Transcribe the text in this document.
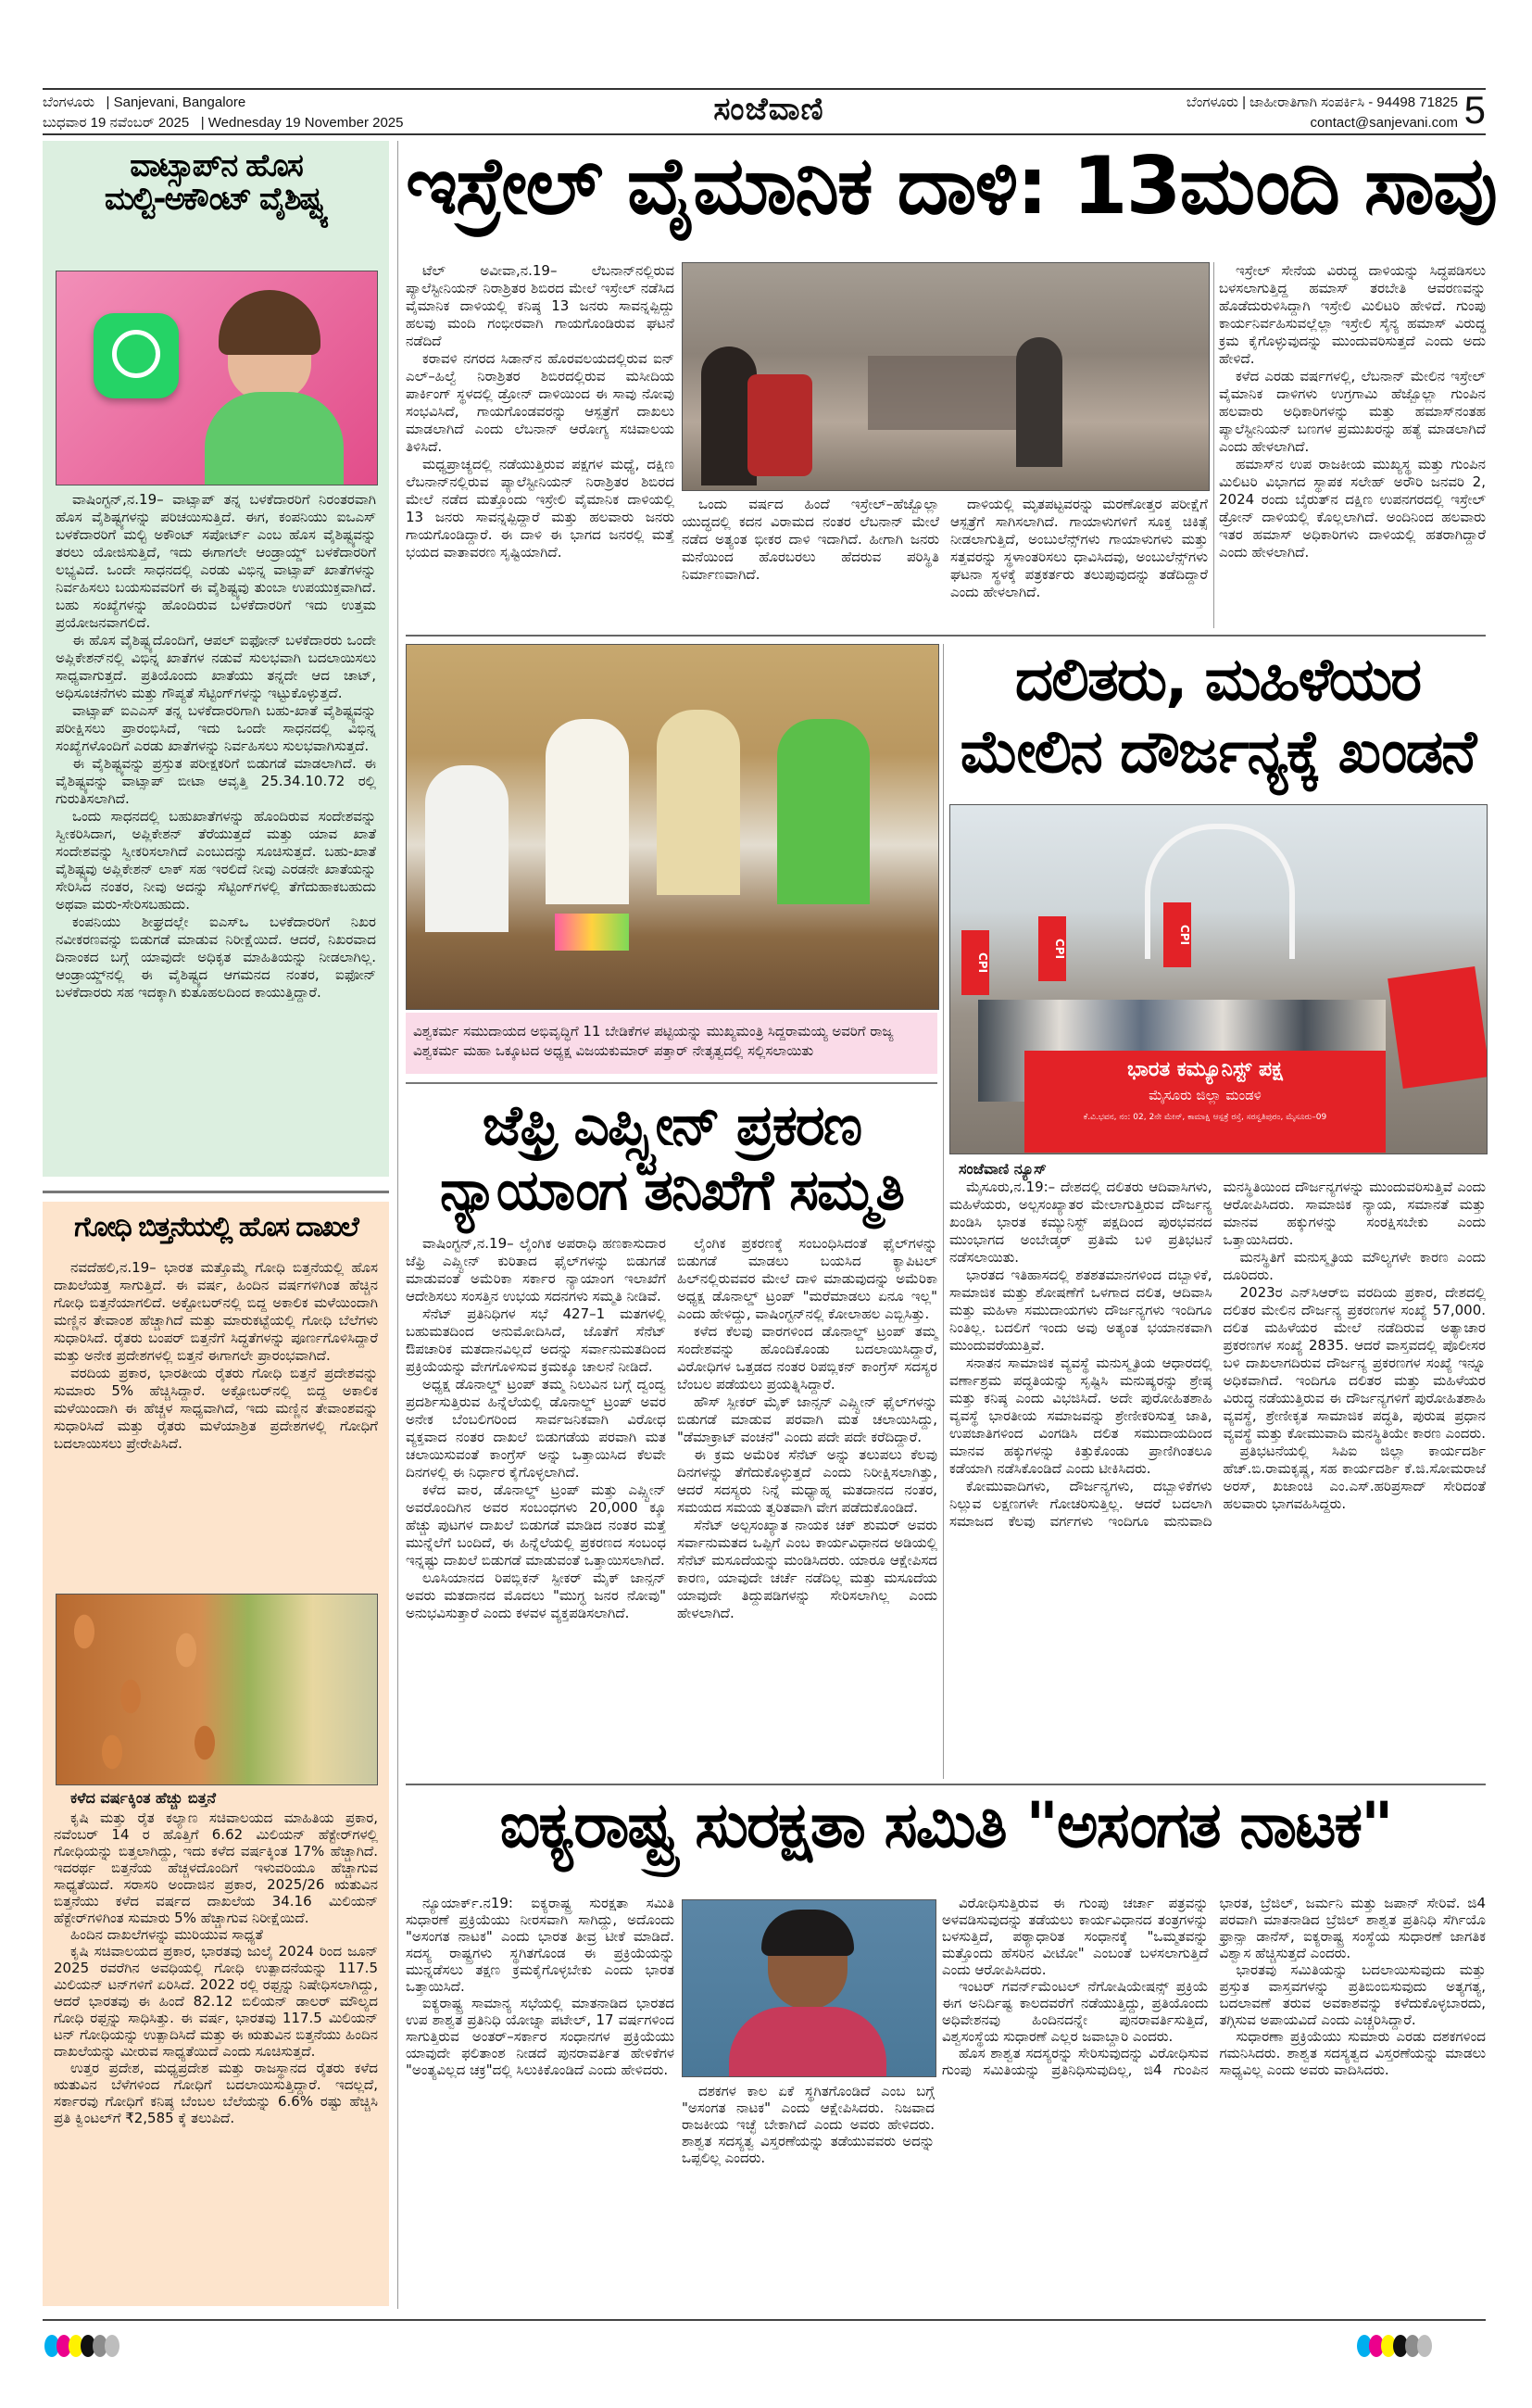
ಬೆಂಗಳೂರು | Sanjevani, Bangalore
ಬುಧವಾರ 19 ನವೆಂಬರ್ 2025 | Wednesday 19 November 2025	ಸಂಜೆವಾಣಿ	ಬೆಂಗಳೂರು | ಜಾಹೀರಾತಿಗಾಗಿ ಸಂಪರ್ಕಿಸಿ - 94498 71825
contact@sanjevani.com 5
ವಾಟ್ಸಾಪ್‌ನ ಹೊಸ
ಮಲ್ಟಿ-ಅಕೌಂಟ್ ವೈಶಿಷ್ಟ್ಯ

ವಾಷಿಂಗ್ಟನ್,ನ.19– ವಾಟ್ಸಾಪ್ ತನ್ನ ಬಳಕೆದಾರರಿಗೆ ನಿರಂತರವಾಗಿ ಹೊಸ ವೈಶಿಷ್ಟ್ಯಗಳನ್ನು ಪರಿಚಯಿಸುತ್ತಿದೆ. ಈಗ, ಕಂಪನಿಯು ಐಒಎಸ್ ಬಳಕೆದಾರರಿಗೆ ಮಲ್ಟಿ ಅಕೌಂಟ್ ಸಪೋರ್ಟ್ ಎಂಬ ಹೊಸ ವೈಶಿಷ್ಟ್ಯವನ್ನು ತರಲು ಯೋಜಿಸುತ್ತಿದೆ, ಇದು ಈಗಾಗಲೇ ಆಂಡ್ರಾಯ್ಡ್ ಬಳಕೆದಾರರಿಗೆ ಲಭ್ಯವಿದೆ. ಒಂದೇ ಸಾಧನದಲ್ಲಿ ಎರಡು ವಿಭಿನ್ನ ವಾಟ್ಸಾಪ್ ಖಾತೆಗಳನ್ನು ನಿರ್ವಹಿಸಲು ಬಯಸುವವರಿಗೆ ಈ ವೈಶಿಷ್ಟ್ಯವು ತುಂಬಾ ಉಪಯುಕ್ತವಾಗಿದೆ. ಬಹು ಸಂಖ್ಯೆಗಳನ್ನು ಹೊಂದಿರುವ ಬಳಕೆದಾರರಿಗೆ ಇದು ಉತ್ತಮ ಪ್ರಯೋಜನವಾಗಲಿದೆ.

ಈ ಹೊಸ ವೈಶಿಷ್ಟ್ಯದೊಂದಿಗೆ, ಆಪಲ್ ಐಫೋನ್ ಬಳಕೆದಾರರು ಒಂದೇ ಅಪ್ಲಿಕೇಶನ್‌ನಲ್ಲಿ ವಿಭಿನ್ನ ಖಾತೆಗಳ ನಡುವೆ ಸುಲಭವಾಗಿ ಬದಲಾಯಿಸಲು ಸಾಧ್ಯವಾಗುತ್ತದೆ. ಪ್ರತಿಯೊಂದು ಖಾತೆಯು ತನ್ನದೇ ಆದ ಚಾಟ್, ಅಧಿಸೂಚನೆಗಳು ಮತ್ತು ಗೌಪ್ಯತೆ ಸೆಟ್ಟಿಂಗ್‌ಗಳನ್ನು ಇಟ್ಟುಕೊಳ್ಳುತ್ತದೆ.

ವಾಟ್ಸಾಪ್ ಐಎಎಸ್ ತನ್ನ ಬಳಕೆದಾರರಿಗಾಗಿ ಬಹು-ಖಾತೆ ವೈಶಿಷ್ಟ್ಯವನ್ನು ಪರೀಕ್ಷಿಸಲು ಪ್ರಾರಂಭಿಸಿದೆ, ಇದು ಒಂದೇ ಸಾಧನದಲ್ಲಿ ವಿಭಿನ್ನ ಸಂಖ್ಯೆಗಳೊಂದಿಗೆ ಎರಡು ಖಾತೆಗಳನ್ನು ನಿರ್ವಹಿಸಲು ಸುಲಭವಾಗಿಸುತ್ತದೆ.

ಈ ವೈಶಿಷ್ಟ್ಯವನ್ನು ಪ್ರಸ್ತುತ ಪರೀಕ್ಷಕರಿಗೆ ಬಿಡುಗಡೆ ಮಾಡಲಾಗಿದೆ. ಈ ವೈಶಿಷ್ಟ್ಯವನ್ನು ವಾಟ್ಸಾಪ್ ಬೀಟಾ ಆವೃತ್ತಿ 25.34.10.72 ರಲ್ಲಿ ಗುರುತಿಸಲಾಗಿದೆ.

ಒಂದು ಸಾಧನದಲ್ಲಿ ಬಹುಖಾತೆಗಳನ್ನು ಹೊಂದಿರುವ ಸಂದೇಶವನ್ನು ಸ್ವೀಕರಿಸಿದಾಗ, ಅಪ್ಲಿಕೇಶನ್ ತೆರೆಯುತ್ತದೆ ಮತ್ತು ಯಾವ ಖಾತೆ ಸಂದೇಶವನ್ನು ಸ್ವೀಕರಿಸಲಾಗಿದೆ ಎಂಬುದನ್ನು ಸೂಚಿಸುತ್ತದೆ. ಬಹು-ಖಾತೆ ವೈಶಿಷ್ಟ್ಯವು ಅಪ್ಲಿಕೇಶನ್ ಲಾಕ್ ಸಹ ಇರಲಿದೆ ನೀವು ಎರಡನೇ ಖಾತೆಯನ್ನು ಸೇರಿಸಿದ ನಂತರ, ನೀವು ಅದನ್ನು ಸೆಟ್ಟಿಂಗ್‌ಗಳಲ್ಲಿ ತೆಗೆದುಹಾಕಬಹುದು ಅಥವಾ ಮರು-ಸೇರಿಸಬಹುದು.

ಕಂಪನಿಯು ಶೀಘ್ರದಲ್ಲೇ ಐಎಸ್‌ಒ ಬಳಕೆದಾರರಿಗೆ ನಿಖರ ನವೀಕರಣವನ್ನು ಬಿಡುಗಡೆ ಮಾಡುವ ನಿರೀಕ್ಷೆಯಿದೆ. ಆದರೆ, ನಿಖರವಾದ ದಿನಾಂಕದ ಬಗ್ಗೆ ಯಾವುದೇ ಅಧಿಕೃತ ಮಾಹಿತಿಯನ್ನು ನೀಡಲಾಗಿಲ್ಲ. ಆಂಡ್ರಾಯ್ಡ್‌ನಲ್ಲಿ ಈ ವೈಶಿಷ್ಟ್ಯದ ಆಗಮನದ ನಂತರ, ಐಫೋನ್ ಬಳಕೆದಾರರು ಸಹ ಇದಕ್ಕಾಗಿ ಕುತೂಹಲದಿಂದ ಕಾಯುತ್ತಿದ್ದಾರೆ.

ಗೋಧಿ ಬಿತ್ತನೆಯಲ್ಲಿ ಹೊಸ ದಾಖಲೆ

ನವದೆಹಲಿ,ನ.19– ಭಾರತ ಮತ್ತೊಮ್ಮೆ ಗೋಧಿ ಬಿತ್ತನೆಯಲ್ಲಿ ಹೊಸ ದಾಖಲೆಯತ್ತ ಸಾಗುತ್ತಿದೆ. ಈ ವರ್ಷ, ಹಿಂದಿನ ವರ್ಷಗಳಿಗಿಂತ ಹೆಚ್ಚಿನ ಗೋಧಿ ಬಿತ್ತನೆಯಾಗಲಿದೆ. ಅಕ್ಟೋಬರ್‌ನಲ್ಲಿ ಬಿದ್ದ ಅಕಾಲಿಕ ಮಳೆಯಿಂದಾಗಿ ಮಣ್ಣಿನ ತೇವಾಂಶ ಹೆಚ್ಚಾಗಿದೆ ಮತ್ತು ಮಾರುಕಟ್ಟೆಯಲ್ಲಿ ಗೋಧಿ ಬೆಲೆಗಳು ಸುಧಾರಿಸಿದೆ. ರೈತರು ಬಂಪರ್ ಬಿತ್ತನೆಗೆ ಸಿದ್ಧತೆಗಳನ್ನು ಪೂರ್ಣಗೊಳಿಸಿದ್ದಾರೆ ಮತ್ತು ಅನೇಕ ಪ್ರದೇಶಗಳಲ್ಲಿ ಬಿತ್ತನೆ ಈಗಾಗಲೇ ಪ್ರಾರಂಭವಾಗಿದೆ.

ವರದಿಯ ಪ್ರಕಾರ, ಭಾರತೀಯ ರೈತರು ಗೋಧಿ ಬಿತ್ತನೆ ಪ್ರದೇಶವನ್ನು ಸುಮಾರು 5% ಹೆಚ್ಚಿಸಿದ್ದಾರೆ. ಅಕ್ಟೋಬರ್‌ನಲ್ಲಿ ಬಿದ್ದ ಅಕಾಲಿಕ ಮಳೆಯಿಂದಾಗಿ ಈ ಹೆಚ್ಚಳ ಸಾಧ್ಯವಾಗಿದೆ, ಇದು ಮಣ್ಣಿನ ತೇವಾಂಶವನ್ನು ಸುಧಾರಿಸಿದೆ ಮತ್ತು ರೈತರು ಮಳೆಯಾಶ್ರಿತ ಪ್ರದೇಶಗಳಲ್ಲಿ ಗೋಧಿಗೆ ಬದಲಾಯಿಸಲು ಪ್ರೇರೇಪಿಸಿದೆ.

ಕಳೆದ ವರ್ಷಕ್ಕಿಂತ ಹೆಚ್ಚು ಬಿತ್ತನೆ

ಕೃಷಿ ಮತ್ತು ರೈತ ಕಲ್ಯಾಣ ಸಚಿವಾಲಯದ ಮಾಹಿತಿಯ ಪ್ರಕಾರ, ನವೆಂಬರ್ 14 ರ ಹೊತ್ತಿಗೆ 6.62 ಮಿಲಿಯನ್ ಹೆಕ್ಟೇರ್‌ಗಳಲ್ಲಿ ಗೋಧಿಯನ್ನು ಬಿತ್ತಲಾಗಿದ್ದು, ಇದು ಕಳೆದ ವರ್ಷಕ್ಕಿಂತ 17% ಹೆಚ್ಚಾಗಿದೆ. ಇದರರ್ಥ ಬಿತ್ತನೆಯ ಹೆಚ್ಚಳದೊಂದಿಗೆ ಇಳುವರಿಯೂ ಹೆಚ್ಚಾಗುವ ಸಾಧ್ಯತೆಯಿದೆ. ಸರಾಸರಿ ಅಂದಾಜಿನ ಪ್ರಕಾರ, 2025/26 ಋತುವಿನ ಬಿತ್ತನೆಯು ಕಳೆದ ವರ್ಷದ ದಾಖಲೆಯ 34.16 ಮಿಲಿಯನ್ ಹೆಕ್ಟೇರ್‌ಗಳಿಗಿಂತ ಸುಮಾರು 5% ಹೆಚ್ಚಾಗುವ ನಿರೀಕ್ಷೆಯಿದೆ.

ಹಿಂದಿನ ದಾಖಲೆಗಳನ್ನು ಮುರಿಯುವ ಸಾಧ್ಯತೆ

ಕೃಷಿ ಸಚಿವಾಲಯದ ಪ್ರಕಾರ, ಭಾರತವು ಜುಲೈ 2024 ರಿಂದ ಜೂನ್ 2025 ರವರೆಗಿನ ಅವಧಿಯಲ್ಲಿ ಗೋಧಿ ಉತ್ಪಾದನೆಯನ್ನು 117.5 ಮಿಲಿಯನ್ ಟನ್‌ಗಳಿಗೆ ಏರಿಸಿದೆ. 2022 ರಲ್ಲಿ ರಫ್ತನ್ನು ನಿಷೇಧಿಸಲಾಗಿದ್ದು, ಆದರೆ ಭಾರತವು ಈ ಹಿಂದೆ 82.12 ಬಿಲಿಯನ್ ಡಾಲರ್ ಮೌಲ್ಯದ ಗೋಧಿ ರಫ್ತನ್ನು ಸಾಧಿಸಿತ್ತು. ಈ ವರ್ಷ, ಭಾರತವು 117.5 ಮಿಲಿಯನ್ ಟನ್ ಗೋಧಿಯನ್ನು ಉತ್ಪಾದಿಸಿದೆ ಮತ್ತು ಈ ಋತುವಿನ ಬಿತ್ತನೆಯು ಹಿಂದಿನ ದಾಖಲೆಯನ್ನು ಮೀರುವ ಸಾಧ್ಯತೆಯಿದೆ ಎಂದು ಸೂಚಿಸುತ್ತದೆ.

ಉತ್ತರ ಪ್ರದೇಶ, ಮಧ್ಯಪ್ರದೇಶ ಮತ್ತು ರಾಜಸ್ಥಾನದ ರೈತರು ಕಳೆದ ಋತುವಿನ ಬೆಳೆಗಳಿಂದ ಗೋಧಿಗೆ ಬದಲಾಯಿಸುತ್ತಿದ್ದಾರೆ. ಇದಲ್ಲದೆ, ಸರ್ಕಾರವು ಗೋಧಿಗೆ ಕನಿಷ್ಠ ಬೆಂಬಲ ಬೆಲೆಯನ್ನು 6.6% ರಷ್ಟು ಹೆಚ್ಚಿಸಿ ಪ್ರತಿ ಕ್ವಿಂಟಲ್‌ಗೆ ₹2,585 ಕ್ಕೆ ತಲುಪಿದೆ.

ಇಸ್ರೇಲ್ ವೈಮಾನಿಕ ದಾಳಿ: 13ಮಂದಿ ಸಾವು

ಟೆಲ್ ಅವೀವಾ,ನ.19– ಲೆಬನಾನ್‌ನಲ್ಲಿರುವ ಪ್ಯಾಲೆಸ್ಟೀನಿಯನ್ ನಿರಾಶ್ರಿತರ ಶಿಬಿರದ ಮೇಲೆ ಇಸ್ರೇಲ್ ನಡೆಸಿದ ವೈಮಾನಿಕ ದಾಳಿಯಲ್ಲಿ ಕನಿಷ್ಠ 13 ಜನರು ಸಾವನ್ನಪ್ಪಿದ್ದು ಹಲವು ಮಂದಿ ಗಂಭೀರವಾಗಿ ಗಾಯಗೊಂಡಿರುವ ಘಟನೆ ನಡೆದಿದೆ

ಕರಾವಳಿ ನಗರದ ಸಿಡಾನ್‌ನ ಹೊರವಲಯದಲ್ಲಿರುವ ಐನ್ ಎಲ್–ಹಿಲ್ವೆ ನಿರಾಶ್ರಿತರ ಶಿಬಿರದಲ್ಲಿರುವ ಮಸೀದಿಯ ಪಾರ್ಕಿಂಗ್ ಸ್ಥಳದಲ್ಲಿ ಡ್ರೋನ್ ದಾಳಿಯಿಂದ ಈ ಸಾವು ನೋವು ಸಂಭವಿಸಿದೆ, ಗಾಯಗೊಂಡವರನ್ನು ಆಸ್ಪತ್ರೆಗೆ ದಾಖಲು ಮಾಡಲಾಗಿದೆ ಎಂದು ಲೆಬನಾನ್ ಆರೋಗ್ಯ ಸಚಿವಾಲಯ ತಿಳಿಸಿದೆ.

ಮಧ್ಯಪ್ರಾಚ್ಯದಲ್ಲಿ ನಡೆಯುತ್ತಿರುವ ಪಕ್ಷಗಳ ಮಧ್ಯೆ, ದಕ್ಷಿಣ ಲೆಬನಾನ್‌ನಲ್ಲಿರುವ ಪ್ಯಾಲೆಸ್ಟೀನಿಯನ್ ನಿರಾಶ್ರಿತರ ಶಿಬಿರದ ಮೇಲೆ ನಡೆದ ಮತ್ತೊಂದು ಇಸ್ರೇಲಿ ವೈಮಾನಿಕ ದಾಳಿಯಲ್ಲಿ 13 ಜನರು ಸಾವನ್ನಪ್ಪಿದ್ದಾರೆ ಮತ್ತು ಹಲವಾರು ಜನರು ಗಾಯಗೊಂಡಿದ್ದಾರೆ. ಈ ದಾಳಿ ಈ ಭಾಗದ ಜನರಲ್ಲಿ ಮತ್ತೆ ಭಯದ ವಾತಾವರಣ ಸೃಷ್ಟಿಯಾಗಿದೆ.

ಒಂದು ವರ್ಷದ ಹಿಂದೆ ಇಸ್ರೇಲ್–ಹೆಜ್ಬೊಲ್ಲಾ ಯುದ್ಧದಲ್ಲಿ ಕದನ ವಿರಾಮದ ನಂತರ ಲೆಬನಾನ್ ಮೇಲೆ ನಡೆದ ಅತ್ಯಂತ ಭೀಕರ ದಾಳಿ ಇದಾಗಿದೆ. ಹೀಗಾಗಿ ಜನರು ಮನೆಯಿಂದ ಹೊರಬರಲು ಹೆದರುವ ಪರಿಸ್ಥಿತಿ ನಿರ್ಮಾಣವಾಗಿದೆ.

ದಾಳಿಯಲ್ಲಿ ಮೃತಪಟ್ಟವರನ್ನು ಮರಣೋತ್ತರ ಪರೀಕ್ಷೆಗೆ ಆಸ್ಪತ್ರೆಗೆ ಸಾಗಿಸಲಾಗಿದೆ. ಗಾಯಾಳುಗಳಿಗೆ ಸೂಕ್ತ ಚಿಕಿತ್ಸೆ ನೀಡಲಾಗುತ್ತಿದೆ, ಅಂಬುಲೆನ್ಸ್‌ಗಳು ಗಾಯಾಳುಗಳು ಮತ್ತು ಸತ್ತವರನ್ನು ಸ್ಥಳಾಂತರಿಸಲು ಧಾವಿಸಿದವು, ಅಂಬುಲೆನ್ಸ್‌ಗಳು ಘಟನಾ ಸ್ಥಳಕ್ಕೆ ಪತ್ರಕರ್ತರು ತಲುಪುವುದನ್ನು ತಡೆದಿದ್ದಾರೆ ಎಂದು ಹೇಳಲಾಗಿದೆ.

ಇಸ್ರೇಲ್ ಸೇನೆಯ ವಿರುದ್ಧ ದಾಳಿಯನ್ನು ಸಿದ್ಧಪಡಿಸಲು ಬಳಸಲಾಗುತ್ತಿದ್ದ ಹಮಾಸ್ ತರಬೇತಿ ಆವರಣವನ್ನು ಹೊಡೆದುರುಳಿಸಿದ್ದಾಗಿ ಇಸ್ರೇಲಿ ಮಿಲಿಟರಿ ಹೇಳಿದೆ. ಗುಂಪು ಕಾರ್ಯನಿರ್ವಹಿಸುವಲ್ಲೆಲ್ಲಾ ಇಸ್ರೇಲಿ ಸೈನ್ಯ ಹಮಾಸ್ ವಿರುದ್ಧ ಕ್ರಮ ಕೈಗೊಳ್ಳುವುದನ್ನು ಮುಂದುವರಿಸುತ್ತದೆ ಎಂದು ಅದು ಹೇಳಿದೆ.

ಕಳೆದ ಎರಡು ವರ್ಷಗಳಲ್ಲಿ, ಲೆಬನಾನ್ ಮೇಲಿನ ಇಸ್ರೇಲ್ ವೈಮಾನಿಕ ದಾಳಿಗಳು ಉಗ್ರಗಾಮಿ ಹೆಜ್ಬೊಲ್ಲಾ ಗುಂಪಿನ ಹಲವಾರು ಅಧಿಕಾರಿಗಳನ್ನು ಮತ್ತು ಹಮಾಸ್‌ನಂತಹ ಪ್ಯಾಲೆಸ್ಟೀನಿಯನ್ ಬಣಗಳ ಪ್ರಮುಖರನ್ನು ಹತ್ಯೆ ಮಾಡಲಾಗಿದೆ ಎಂದು ಹೇಳಲಾಗಿದೆ.

ಹಮಾಸ್‌ನ ಉಪ ರಾಜಕೀಯ ಮುಖ್ಯಸ್ಥ ಮತ್ತು ಗುಂಪಿನ ಮಿಲಿಟರಿ ವಿಭಾಗದ ಸ್ಥಾಪಕ ಸಲೇಹ್ ಅರೌರಿ ಜನವರಿ 2, 2024 ರಂದು ಬೈರುತ್‌ನ ದಕ್ಷಿಣ ಉಪನಗರದಲ್ಲಿ ಇಸ್ರೇಲ್ ಡ್ರೋನ್ ದಾಳಿಯಲ್ಲಿ ಕೊಲ್ಲಲಾಗಿದೆ. ಅಂದಿನಿಂದ ಹಲವಾರು ಇತರ ಹಮಾಸ್ ಅಧಿಕಾರಿಗಳು ದಾಳಿಯಲ್ಲಿ ಹತರಾಗಿದ್ದಾರೆ ಎಂದು ಹೇಳಲಾಗಿದೆ.

ವಿಶ್ವಕರ್ಮ ಸಮುದಾಯದ ಅಭಿವೃದ್ಧಿಗೆ 11 ಬೇಡಿಕೆಗಳ ಪಟ್ಟಿಯನ್ನು ಮುಖ್ಯಮಂತ್ರಿ ಸಿದ್ದರಾಮಯ್ಯ ಅವರಿಗೆ ರಾಜ್ಯ ವಿಶ್ವಕರ್ಮ ಮಹಾ ಒಕ್ಕೂಟದ ಅಧ್ಯಕ್ಷ ವಿಜಯಕುಮಾರ್ ಪತ್ತಾರ್ ನೇತೃತ್ವದಲ್ಲಿ ಸಲ್ಲಿಸಲಾಯಿತು
ಜೆಫ್ರಿ ಎಪ್ಸ್ಟೀನ್ ಪ್ರಕರಣ
ನ್ಯಾಯಾಂಗ ತನಿಖೆಗೆ ಸಮ್ಮತಿ

ವಾಷಿಂಗ್ಟನ್,ನ.19– ಲೈಂಗಿಕ ಅಪರಾಧಿ ಹಣಕಾಸುದಾರ ಜೆಫ್ರಿ ಎಪ್ಸ್ಟೀನ್ ಕುರಿತಾದ ಫೈಲ್‌ಗಳನ್ನು ಬಿಡುಗಡೆ ಮಾಡುವಂತೆ ಅಮೆರಿಕಾ ಸರ್ಕಾರ ನ್ಯಾಯಾಂಗ ಇಲಾಖೆಗೆ ಆದೇಶಿಸಲು ಸಂಸತ್ತಿನ ಉಭಯ ಸದನಗಳು ಸಮ್ಮತಿ ನೀಡಿವೆ.

ಸೆನೆಟ್ ಪ್ರತಿನಿಧಿಗಳ ಸಭೆ 427–1 ಮತಗಳಲ್ಲಿ ಬಹುಮತದಿಂದ ಅನುಮೋದಿಸಿದೆ, ಜೊತೆಗೆ ಸೆನೆಟ್ ಔಪಚಾರಿಕ ಮತದಾನವಿಲ್ಲದೆ ಅದನ್ನು ಸರ್ವಾನುಮತದಿಂದ ಪ್ರಕ್ರಿಯೆಯನ್ನು ವೇಗಗೊಳಿಸುವ ಕ್ರಮಕ್ಕೂ ಚಾಲನೆ ನೀಡಿದೆ.

ಅಧ್ಯಕ್ಷ ಡೊನಾಲ್ಡ್ ಟ್ರಂಪ್ ತಮ್ಮ ನಿಲುವಿನ ಬಗ್ಗೆ ದ್ವಂದ್ವ ಪ್ರದರ್ಶಿಸುತ್ತಿರುವ ಹಿನ್ನೆಲೆಯಲ್ಲಿ ಡೊನಾಲ್ಡ್ ಟ್ರಂಪ್ ಅವರ ಅನೇಕ ಬೆಂಬಲಿಗರಿಂದ ಸಾರ್ವಜನಿಕವಾಗಿ ವಿರೋಧ ವ್ಯಕ್ತವಾದ ನಂತರ ದಾಖಲೆ ಬಿಡುಗಡೆಯ ಪರವಾಗಿ ಮತ ಚಲಾಯಿಸುವಂತೆ ಕಾಂಗ್ರೆಸ್ ಅನ್ನು ಒತ್ತಾಯಿಸಿದ ಕೆಲವೇ ದಿನಗಳಲ್ಲಿ ಈ ನಿರ್ಧಾರ ಕೈಗೊಳ್ಳಲಾಗಿದೆ.

ಕಳೆದ ವಾರ, ಡೊನಾಲ್ಡ್ ಟ್ರಂಪ್ ಮತ್ತು ಎಪ್ಸ್ಟೀನ್ ಅವರೊಂದಿಗಿನ ಅವರ ಸಂಬಂಧಗಳು 20,000 ಕ್ಕೂ ಹೆಚ್ಚು ಪುಟಗಳ ದಾಖಲೆ ಬಿಡುಗಡೆ ಮಾಡಿದ ನಂತರ ಮತ್ತೆ ಮುನ್ನೆಲೆಗೆ ಬಂದಿದೆ, ಈ ಹಿನ್ನೆಲೆಯಲ್ಲಿ ಪ್ರಕರಣದ ಸಂಬಂಧ ಇನ್ನಷ್ಟು ದಾಖಲೆ ಬಿಡುಗಡೆ ಮಾಡುವಂತೆ ಒತ್ತಾಯಿಸಲಾಗಿದೆ.

ಲೂಸಿಯಾನದ ರಿಪಬ್ಲಿಕನ್ ಸ್ಪೀಕರ್ ಮೈಕ್ ಜಾನ್ಸನ್ ಅವರು ಮತದಾನದ ಮೊದಲು "ಮುಗ್ಧ ಜನರ ನೋವು" ಅನುಭವಿಸುತ್ತಾರೆ ಎಂದು ಕಳವಳ ವ್ಯಕ್ತಪಡಿಸಲಾಗಿದೆ.

ಲೈಂಗಿಕ ಪ್ರಕರಣಕ್ಕೆ ಸಂಬಂಧಿಸಿದಂತೆ ಫೈಲ್‌ಗಳನ್ನು ಬಿಡುಗಡೆ ಮಾಡಲು ಬಯಸಿದ ಕ್ಯಾಪಿಟಲ್ ಹಿಲ್‌ನಲ್ಲಿರುವವರ ಮೇಲೆ ದಾಳಿ ಮಾಡುವುದನ್ನು ಅಮೆರಿಕಾ ಅಧ್ಯಕ್ಷ ಡೊನಾಲ್ಡ್ ಟ್ರಂಪ್ "ಮರೆಮಾಡಲು ಏನೂ ಇಲ್ಲ" ಎಂದು ಹೇಳಿದ್ದು, ವಾಷಿಂಗ್ಟನ್‌ನಲ್ಲಿ ಕೋಲಾಹಲ ಎಬ್ಬಿಸಿತ್ತು.

ಕಳೆದ ಕೆಲವು ವಾರಗಳಿಂದ ಡೊನಾಲ್ಡ್ ಟ್ರಂಪ್ ತಮ್ಮ ಸಂದೇಶವನ್ನು ಹೊಂದಿಕೊಂಡು ಬದಲಾಯಿಸಿದ್ದಾರೆ, ವಿರೋಧಿಗಳ ಒತ್ತಡದ ನಂತರ ರಿಪಬ್ಲಿಕನ್ ಕಾಂಗ್ರೆಸ್ ಸದಸ್ಯರ ಬೆಂಬಲ ಪಡೆಯಲು ಪ್ರಯತ್ನಿಸಿದ್ದಾರೆ.

ಹೌಸ್ ಸ್ಪೀಕರ್ ಮೈಕ್ ಜಾನ್ಸನ್ ಎಪ್ಸ್ಟೀನ್ ಫೈಲ್‌ಗಳನ್ನು ಬಿಡುಗಡೆ ಮಾಡುವ ಪರವಾಗಿ ಮತ ಚಲಾಯಿಸಿದ್ದು, "ಡೆಮಾಕ್ರಾಟ್ ವಂಚನೆ" ಎಂದು ಪದೇ ಪದೇ ಕರೆದಿದ್ದಾರೆ.

ಈ ಕ್ರಮ ಅಮೆರಿಕ ಸೆನೆಟ್ ಅನ್ನು ತಲುಪಲು ಕೆಲವು ದಿನಗಳನ್ನು ತೆಗೆದುಕೊಳ್ಳುತ್ತದೆ ಎಂದು ನಿರೀಕ್ಷಿಸಲಾಗಿತ್ತು, ಆದರೆ ಸದಸ್ಯರು ನಿನ್ನೆ ಮಧ್ಯಾಹ್ನ ಮತದಾನದ ನಂತರ, ಸಮಯದ ಸಮಯ ತ್ವರಿತವಾಗಿ ವೇಗ ಪಡೆದುಕೊಂಡಿದೆ.

ಸೆನೆಟ್ ಅಲ್ಪಸಂಖ್ಯಾತ ನಾಯಕ ಚಕ್ ಶುಮರ್ ಅವರು ಸರ್ವಾನುಮತದ ಒಪ್ಪಿಗೆ ಎಂಬ ಕಾರ್ಯವಿಧಾನದ ಅಡಿಯಲ್ಲಿ ಸೆನೆಟ್ ಮಸೂದೆಯನ್ನು ಮಂಡಿಸಿದರು. ಯಾರೂ ಆಕ್ಷೇಪಿಸದ ಕಾರಣ, ಯಾವುದೇ ಚರ್ಚೆ ನಡೆದಿಲ್ಲ ಮತ್ತು ಮಸೂದೆಯ ಯಾವುದೇ ತಿದ್ದುಪಡಿಗಳನ್ನು ಸೇರಿಸಲಾಗಿಲ್ಲ ಎಂದು ಹೇಳಲಾಗಿದೆ.

ದಲಿತರು, ಮಹಿಳೆಯರ
ಮೇಲಿನ ದೌರ್ಜನ್ಯಕ್ಕೆ ಖಂಡನೆ
CPI
CPI
CPI
ಭಾರತ ಕಮ್ಯೂನಿಸ್ಟ್ ಪಕ್ಷ
ಮೈಸೂರು ಜಿಲ್ಲಾ ಮಂಡಳಿ
ಕೆ.ವಿ.ಭವನ, ನಂ: 02, 2ನೇ ಮೇನ್, ಕಾಮಾಕ್ಷಿ ಆಸ್ಪತ್ರೆ ರಸ್ತೆ, ಸರಸ್ವತಿಪುರಂ, ಮೈಸೂರು–09
ಸಂಜೆವಾಣಿ ನ್ಯೂಸ್

ಮೈಸೂರು,ನ.19:– ದೇಶದಲ್ಲಿ ದಲಿತರು ಆದಿವಾಸಿಗಳು, ಮಹಿಳೆಯರು, ಅಲ್ಪಸಂಖ್ಯಾತರ ಮೇಲಾಗುತ್ತಿರುವ ದೌರ್ಜನ್ಯ ಖಂಡಿಸಿ ಭಾರತ ಕಮ್ಯುನಿಸ್ಟ್ ಪಕ್ಷದಿಂದ ಪುರಭವನದ ಮುಂಭಾಗದ ಅಂಬೇಡ್ಕರ್ ಪ್ರತಿಮೆ ಬಳಿ ಪ್ರತಿಭಟನೆ ನಡೆಸಲಾಯಿತು.

ಭಾರತದ ಇತಿಹಾಸದಲ್ಲಿ ಶತಶತಮಾನಗಳಿಂದ ದಬ್ಬಾಳಿಕೆ, ಸಾಮಾಜಿಕ ಮತ್ತು ಶೋಷಣೆಗೆ ಒಳಗಾದ ದಲಿತ, ಆದಿವಾಸಿ ಮತ್ತು ಮಹಿಳಾ ಸಮುದಾಯಗಳು ದೌರ್ಜನ್ಯಗಳು ಇಂದಿಗೂ ನಿಂತಿಲ್ಲ. ಬದಲಿಗೆ ಇಂದು ಅವು ಅತ್ಯಂತ ಭಯಾನಕವಾಗಿ ಮುಂದುವರೆಯುತ್ತಿವೆ.

ಸನಾತನ ಸಾಮಾಜಿಕ ವ್ಯವಸ್ಥೆ ಮನುಸ್ಮೃತಿಯ ಆಧಾರದಲ್ಲಿ ವರ್ಣಾಶ್ರಮ ಪದ್ಧತಿಯನ್ನು ಸೃಷ್ಟಿಸಿ ಮನುಷ್ಯರನ್ನು ಶ್ರೇಷ್ಠ ಮತ್ತು ಕನಿಷ್ಠ ಎಂದು ವಿಭಜಿಸಿದೆ. ಅದೇ ಪುರೋಹಿತಶಾಹಿ ವ್ಯವಸ್ಥೆ ಭಾರತೀಯ ಸಮಾಜವನ್ನು ಶ್ರೇಣೀಕರಿಸುತ್ತ ಜಾತಿ, ಉಪಜಾತಿಗಳಿಂದ ವಿಂಗಡಿಸಿ ದಲಿತ ಸಮುದಾಯದಿಂದ ಮಾನವ ಹಕ್ಕುಗಳನ್ನು ಕಿತ್ತುಕೊಂಡು ಪ್ರಾಣಿಗಿಂತಲೂ ಕಡೆಯಾಗಿ ನಡೆಸಿಕೊಂಡಿದೆ ಎಂದು ಟೀಕಿಸಿದರು.

ಕೋಮುವಾದಿಗಳು, ದೌರ್ಜನ್ಯಗಳು, ದಬ್ಬಾಳಿಕೆಗಳು ನಿಲ್ಲುವ ಲಕ್ಷಣಗಳೇ ಗೋಚರಿಸುತ್ತಿಲ್ಲ. ಆದರೆ ಬದಲಾಗಿ ಸಮಾಜದ ಕೆಲವು ವರ್ಗಗಳು ಇಂದಿಗೂ ಮನುವಾದಿ ಮನಸ್ಥಿತಿಯಿಂದ ದೌರ್ಜನ್ಯಗಳನ್ನು ಮುಂದುವರಿಸುತ್ತಿವೆ ಎಂದು ಆರೋಪಿಸಿದರು. ಸಾಮಾಜಿಕ ನ್ಯಾಯ, ಸಮಾನತೆ ಮತ್ತು ಮಾನವ ಹಕ್ಕುಗಳನ್ನು ಸಂರಕ್ಷಿಸಬೇಕು ಎಂದು ಒತ್ತಾಯಿಸಿದರು.

ಮನಸ್ಥಿತಿಗೆ ಮನುಸ್ಮೃತಿಯ ಮೌಲ್ಯಗಳೇ ಕಾರಣ ಎಂದು ದೂರಿದರು.

2023ರ ಎನ್‌ಸಿಆರ್‌ಬಿ ವರದಿಯ ಪ್ರಕಾರ, ದೇಶದಲ್ಲಿ ದಲಿತರ ಮೇಲಿನ ದೌರ್ಜನ್ಯ ಪ್ರಕರಣಗಳ ಸಂಖ್ಯೆ 57,000. ದಲಿತ ಮಹಿಳೆಯರ ಮೇಲೆ ನಡೆದಿರುವ ಅತ್ಯಾಚಾರ ಪ್ರಕರಣಗಳ ಸಂಖ್ಯೆ 2835. ಆದರೆ ವಾಸ್ತವದಲ್ಲಿ ಪೊಲೀಸರ ಬಳಿ ದಾಖಲಾಗದಿರುವ ದೌರ್ಜನ್ಯ ಪ್ರಕರಣಗಳ ಸಂಖ್ಯೆ ಇನ್ನೂ ಅಧಿಕವಾಗಿದೆ. ಇಂದಿಗೂ ದಲಿತರ ಮತ್ತು ಮಹಿಳೆಯರ ವಿರುದ್ಧ ನಡೆಯುತ್ತಿರುವ ಈ ದೌರ್ಜನ್ಯಗಳಿಗೆ ಪುರೋಹಿತಶಾಹಿ ವ್ಯವಸ್ಥೆ, ಶ್ರೇಣೀಕೃತ ಸಾಮಾಜಿಕ ಪದ್ಧತಿ, ಪುರುಷ ಪ್ರಧಾನ ವ್ಯವಸ್ಥೆ ಮತ್ತು ಕೋಮುವಾದಿ ಮನಸ್ಥಿತಿಯೇ ಕಾರಣ ಎಂದರು.

ಪ್ರತಿಭಟನೆಯಲ್ಲಿ ಸಿಪಿಐ ಜಿಲ್ಲಾ ಕಾರ್ಯದರ್ಶಿ ಹೆಚ್.ಬಿ.ರಾಮಕೃಷ್ಣ, ಸಹ ಕಾರ್ಯದರ್ಶಿ ಕೆ.ಜಿ.ಸೋಮರಾಜೆ ಅರಸ್, ಖಜಾಂಚಿ ಎಂ.ಎಸ್.ಹರಿಪ್ರಸಾದ್ ಸೇರಿದಂತೆ ಹಲವಾರು ಭಾಗವಹಿಸಿದ್ದರು.

ಐಕ್ಯರಾಷ್ಟ್ರ ಸುರಕ್ಷತಾ ಸಮಿತಿ "ಅಸಂಗತ ನಾಟಕ"

ನ್ಯೂಯಾರ್ಕ್.ನ19: ಐಕ್ಯರಾಷ್ಟ್ರ ಸುರಕ್ಷತಾ ಸಮಿತಿ ಸುಧಾರಣೆ ಪ್ರಕ್ರಿಯೆಯು ನೀರಸವಾಗಿ ಸಾಗಿದ್ದು, ಅದೊಂದು "ಅಸಂಗತ ನಾಟಕ" ಎಂದು ಭಾರತ ತೀವ್ರ ಟೀಕೆ ಮಾಡಿದೆ. ಸದಸ್ಯ ರಾಷ್ಟ್ರಗಳು ಸ್ಥಗಿತಗೊಂಡ ಈ ಪ್ರಕ್ರಿಯೆಯನ್ನು ಮುನ್ನಡೆಸಲು ತಕ್ಷಣ ಕ್ರಮಕೈಗೊಳ್ಳಬೇಕು ಎಂದು ಭಾರತ ಒತ್ತಾಯಿಸಿದೆ.

ಐಕ್ಯರಾಷ್ಟ್ರ ಸಾಮಾನ್ಯ ಸಭೆಯಲ್ಲಿ ಮಾತನಾಡಿದ ಭಾರತದ ಉಪ ಶಾಶ್ವತ ಪ್ರತಿನಿಧಿ ಯೋಜ್ನಾ ಪಟೇಲ್, 17 ವರ್ಷಗಳಿಂದ ಸಾಗುತ್ತಿರುವ ಅಂತರ್–ಸರ್ಕಾರ ಸಂಧಾನಗಳ ಪ್ರಕ್ರಿಯೆಯು ಯಾವುದೇ ಫಲಿತಾಂಶ ನೀಡದೆ ಪುನರಾವರ್ತಿತ ಹೇಳಿಕೆಗಳ "ಅಂತ್ಯವಿಲ್ಲದ ಚಕ್ರ"ದಲ್ಲಿ ಸಿಲುಕಿಕೊಂಡಿದೆ ಎಂದು ಹೇಳಿದರು.

ದಶಕಗಳ ಕಾಲ ಏಕೆ ಸ್ಥಗಿತಗೊಂಡಿದೆ ಎಂಬ ಬಗ್ಗೆ "ಅಸಂಗತ ನಾಟಕ" ಎಂದು ಆಕ್ಷೇಪಿಸಿದರು. ನಿಜವಾದ ರಾಜಕೀಯ ಇಚ್ಛೆ ಬೇಕಾಗಿದೆ ಎಂದು ಅವರು ಹೇಳಿದರು. ಶಾಶ್ವತ ಸದಸ್ಯತ್ವ ವಿಸ್ತರಣೆಯನ್ನು ತಡೆಯುವವರು ಅದನ್ನು ಒಪ್ಪಲಿಲ್ಲ ಎಂದರು.

ವಿರೋಧಿಸುತ್ತಿರುವ ಈ ಗುಂಪು ಚರ್ಚಾ ಪತ್ರವನ್ನು ಅಳವಡಿಸುವುದನ್ನು ತಡೆಯಲು ಕಾರ್ಯವಿಧಾನದ ತಂತ್ರಗಳನ್ನು ಬಳಸುತ್ತಿದೆ, ಪಠ್ಯಾಧಾರಿತ ಸಂಧಾನಕ್ಕೆ "ಒಮ್ಮತವನ್ನು ಮತ್ತೊಂದು ಹೆಸರಿನ ವೀಟೋ" ಎಂಬಂತೆ ಬಳಸಲಾಗುತ್ತಿದೆ ಎಂದು ಆರೋಪಿಸಿದರು.

ಇಂಟರ್ ಗವರ್ನ್‌ಮೆಂಟಲ್ ನೆಗೋಷಿಯೇಷನ್ಸ್ ಪ್ರಕ್ರಿಯೆ ಈಗ ಅನಿರ್ದಿಷ್ಟ ಕಾಲದವರೆಗೆ ನಡೆಯುತ್ತಿದ್ದು, ಪ್ರತಿಯೊಂದು ಅಧಿವೇಶನವು ಹಿಂದಿನದನ್ನೇ ಪುನರಾವರ್ತಿಸುತ್ತಿದೆ, ವಿಶ್ವಸಂಸ್ಥೆಯ ಸುಧಾರಣೆ ಎಲ್ಲರ ಜವಾಬ್ದಾರಿ ಎಂದರು.

ಹೊಸ ಶಾಶ್ವತ ಸದಸ್ಯರನ್ನು ಸೇರಿಸುವುದನ್ನು ವಿರೋಧಿಸುವ ಗುಂಪು ಸಮಿತಿಯನ್ನು ಪ್ರತಿನಿಧಿಸುವುದಿಲ್ಲ, ಜಿ4 ಗುಂಪಿನ ಭಾರತ, ಬ್ರೆಜಿಲ್, ಜರ್ಮನಿ ಮತ್ತು ಜಪಾನ್ ಸೇರಿವೆ. ಜಿ4 ಪರವಾಗಿ ಮಾತನಾಡಿದ ಬ್ರೆಜಿಲ್ ಶಾಶ್ವತ ಪ್ರತಿನಿಧಿ ಸೆರ್ಗಿಯೊ ಫ್ರಾನ್ಸಾ ಡಾನೆಸ್, ಐಕ್ಯರಾಷ್ಟ್ರ ಸಂಸ್ಥೆಯ ಸುಧಾರಣೆ ಜಾಗತಿಕ ವಿಶ್ವಾಸ ಹೆಚ್ಚಿಸುತ್ತದೆ ಎಂದರು.

ಭಾರತವು ಸಮಿತಿಯನ್ನು ಬದಲಾಯಿಸುವುದು ಮತ್ತು ಪ್ರಸ್ತುತ ವಾಸ್ತವಗಳನ್ನು ಪ್ರತಿಬಿಂಬಿಸುವುದು ಅತ್ಯಗತ್ಯ, ಬದಲಾವಣೆ ತರುವ ಅವಕಾಶವನ್ನು ಕಳೆದುಕೊಳ್ಳಬಾರದು, ತಗ್ಗಿಸುವ ಅಪಾಯವಿದೆ ಎಂದು ಎಚ್ಚರಿಸಿದ್ದಾರೆ.

ಸುಧಾರಣಾ ಪ್ರಕ್ರಿಯೆಯು ಸುಮಾರು ಎರಡು ದಶಕಗಳಿಂದ ಗಮನಿಸಿದರು. ಶಾಶ್ವತ ಸದಸ್ಯತ್ವದ ವಿಸ್ತರಣೆಯನ್ನು ಮಾಡಲು ಸಾಧ್ಯವಿಲ್ಲ ಎಂದು ಅವರು ವಾದಿಸಿದರು.
